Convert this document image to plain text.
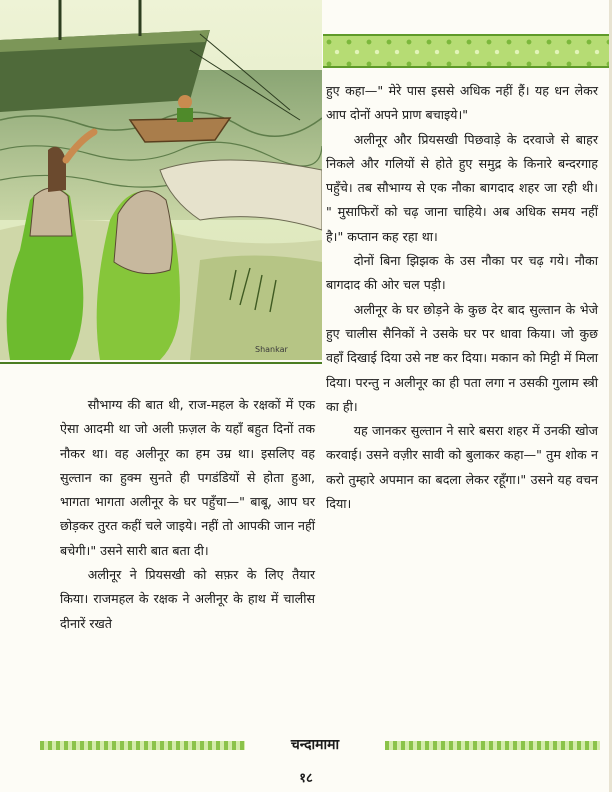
Shankar

हुए कहा—" मेरे पास इससे अधिक नहीं हैं। यह धन लेकर आप दोनों अपने प्राण बचाइये।"

अलीनूर और प्रियसखी पिछवाड़े के दरवाजे से बाहर निकले और गलियों से होते हुए समुद्र के किनारे बन्दरगाह पहुँचे। तब सौभाग्य से एक नौका बागदाद शहर जा रही थी। " मुसाफिरों को चढ़ जाना चाहिये। अब अधिक समय नहीं है।" कप्तान कह रहा था।

दोनों बिना झिझक के उस नौका पर चढ़ गये। नौका बागदाद की ओर चल पड़ी।

अलीनूर के घर छोड़ने के कुछ देर बाद सुल्तान के भेजे हुए चालीस सैनिकों ने उसके घर पर धावा किया। जो कुछ वहाँ दिखाई दिया उसे नष्ट कर दिया। मकान को मिट्टी में मिला दिया। परन्तु न अलीनूर का ही पता लगा न उसकी गुलाम स्त्री का ही।

यह जानकर सुल्तान ने सारे बसरा शहर में उनकी खोज करवाई। उसने वज़ीर सावी को बुलाकर कहा—" तुम शोक न करो तुम्हारे अपमान का बदला लेकर रहूँगा।" उसने यह वचन दिया।

सौभाग्य की बात थी, राज-महल के रक्षकों में एक ऐसा आदमी था जो अली फ़ज़ल के यहाँ बहुत दिनों तक नौकर था। वह अलीनूर का हम उम्र था। इसलिए वह सुल्तान का हुक्म सुनते ही पगडंडियों से होता हुआ, भागता भागता अलीनूर के घर पहुँचा—" बाबू, आप घर छोड़कर तुरत कहीं चले जाइये। नहीं तो आपकी जान नहीं बचेगी।" उसने सारी बात बता दी।

अलीनूर ने प्रियसखी को सफ़र के लिए तैयार किया। राजमहल के रक्षक ने अलीनूर के हाथ में चालीस दीनारें रखते

चन्दामामा
१८
